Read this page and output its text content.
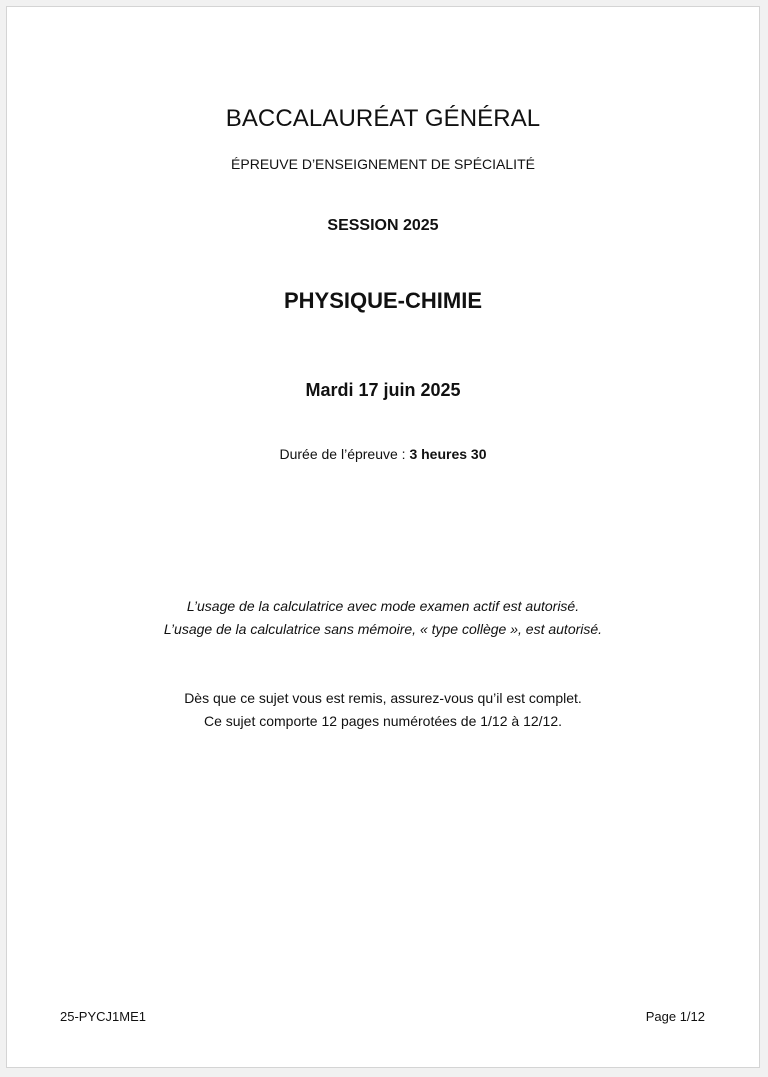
BACCALAURÉAT GÉNÉRAL
ÉPREUVE D’ENSEIGNEMENT DE SPÉCIALITÉ
SESSION 2025
PHYSIQUE-CHIMIE
Mardi 17 juin 2025
Durée de l’épreuve : 3 heures 30
L’usage de la calculatrice avec mode examen actif est autorisé.
L’usage de la calculatrice sans mémoire, « type collège », est autorisé.
Dès que ce sujet vous est remis, assurez-vous qu’il est complet.
Ce sujet comporte 12 pages numérotées de 1/12 à 12/12.
25-PYCJ1ME1	Page 1/12
